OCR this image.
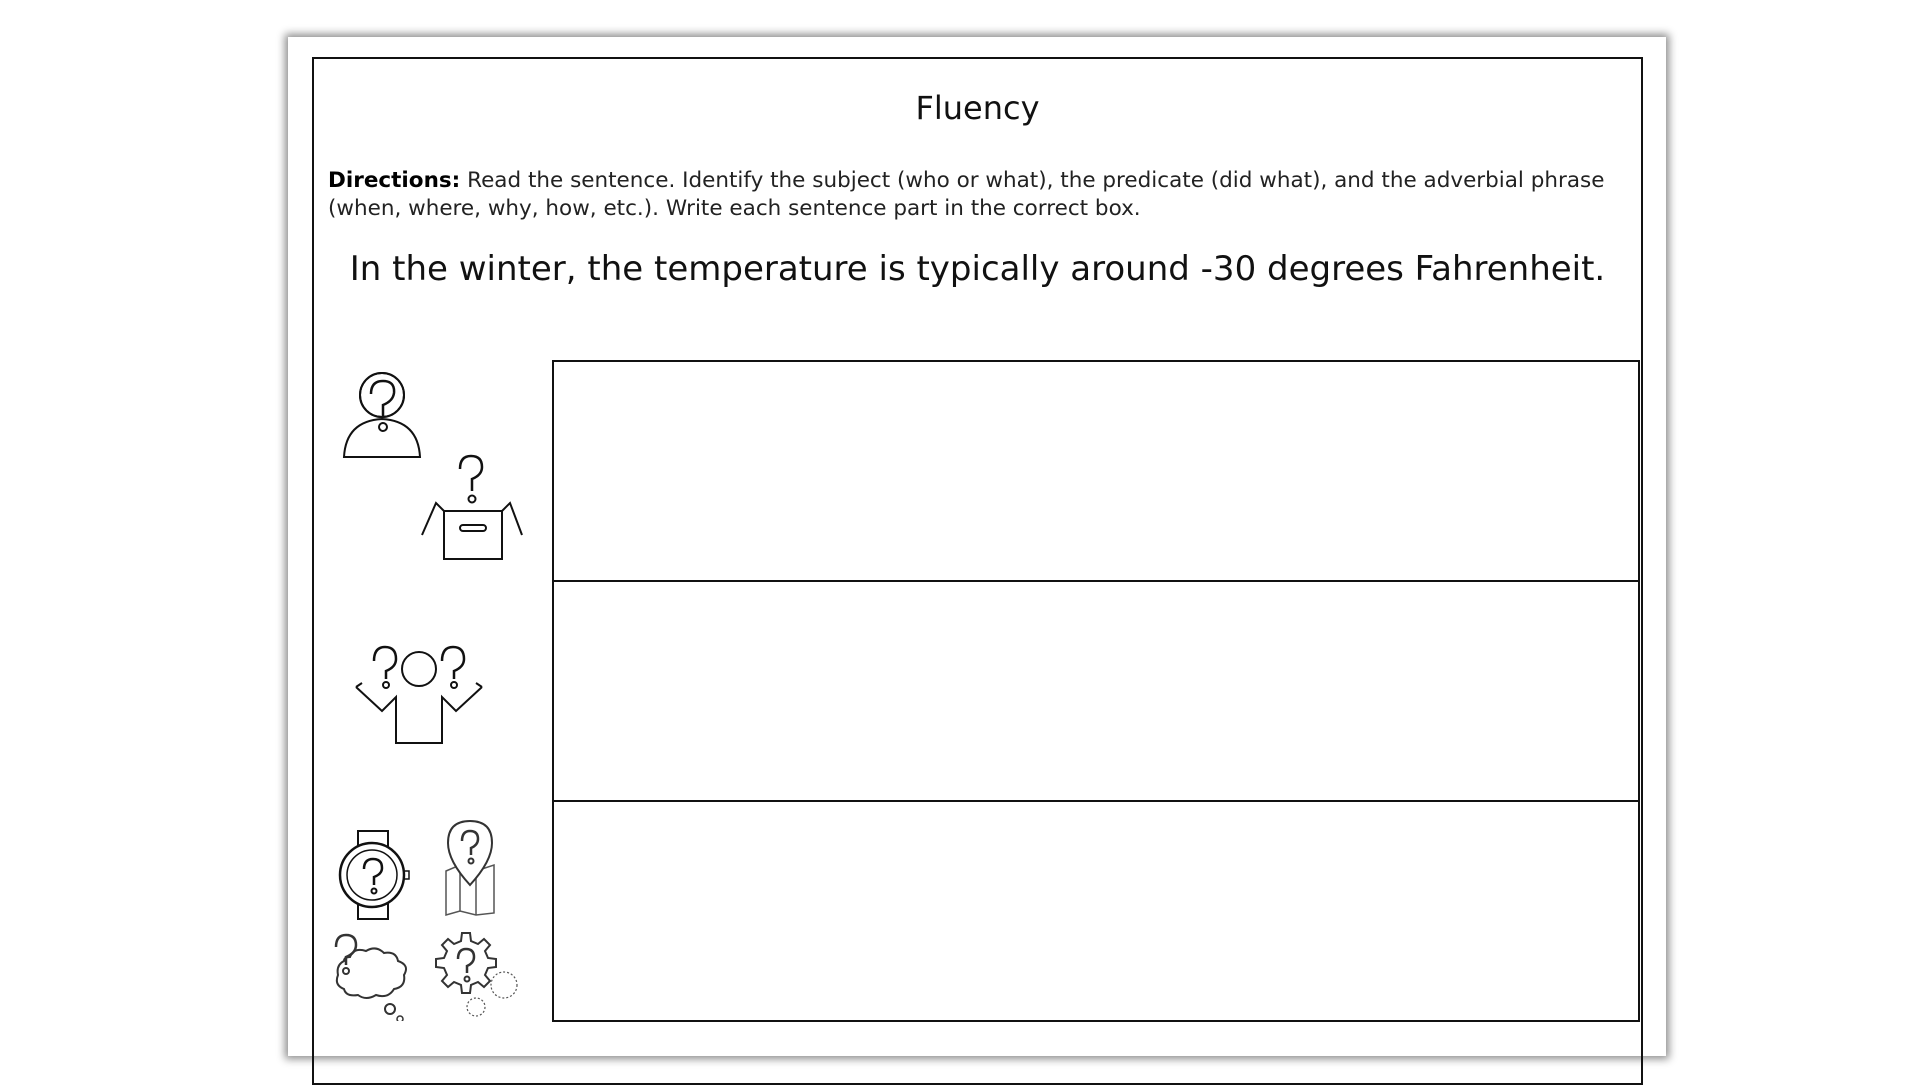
Fluency
Directions: Read the sentence. Identify the subject (who or what), the predicate (did what), and the adverbial phrase (when, where, why, how, etc.). Write each sentence part in the correct box.
In the winter, the temperature is typically around -30 degrees Fahrenheit.
